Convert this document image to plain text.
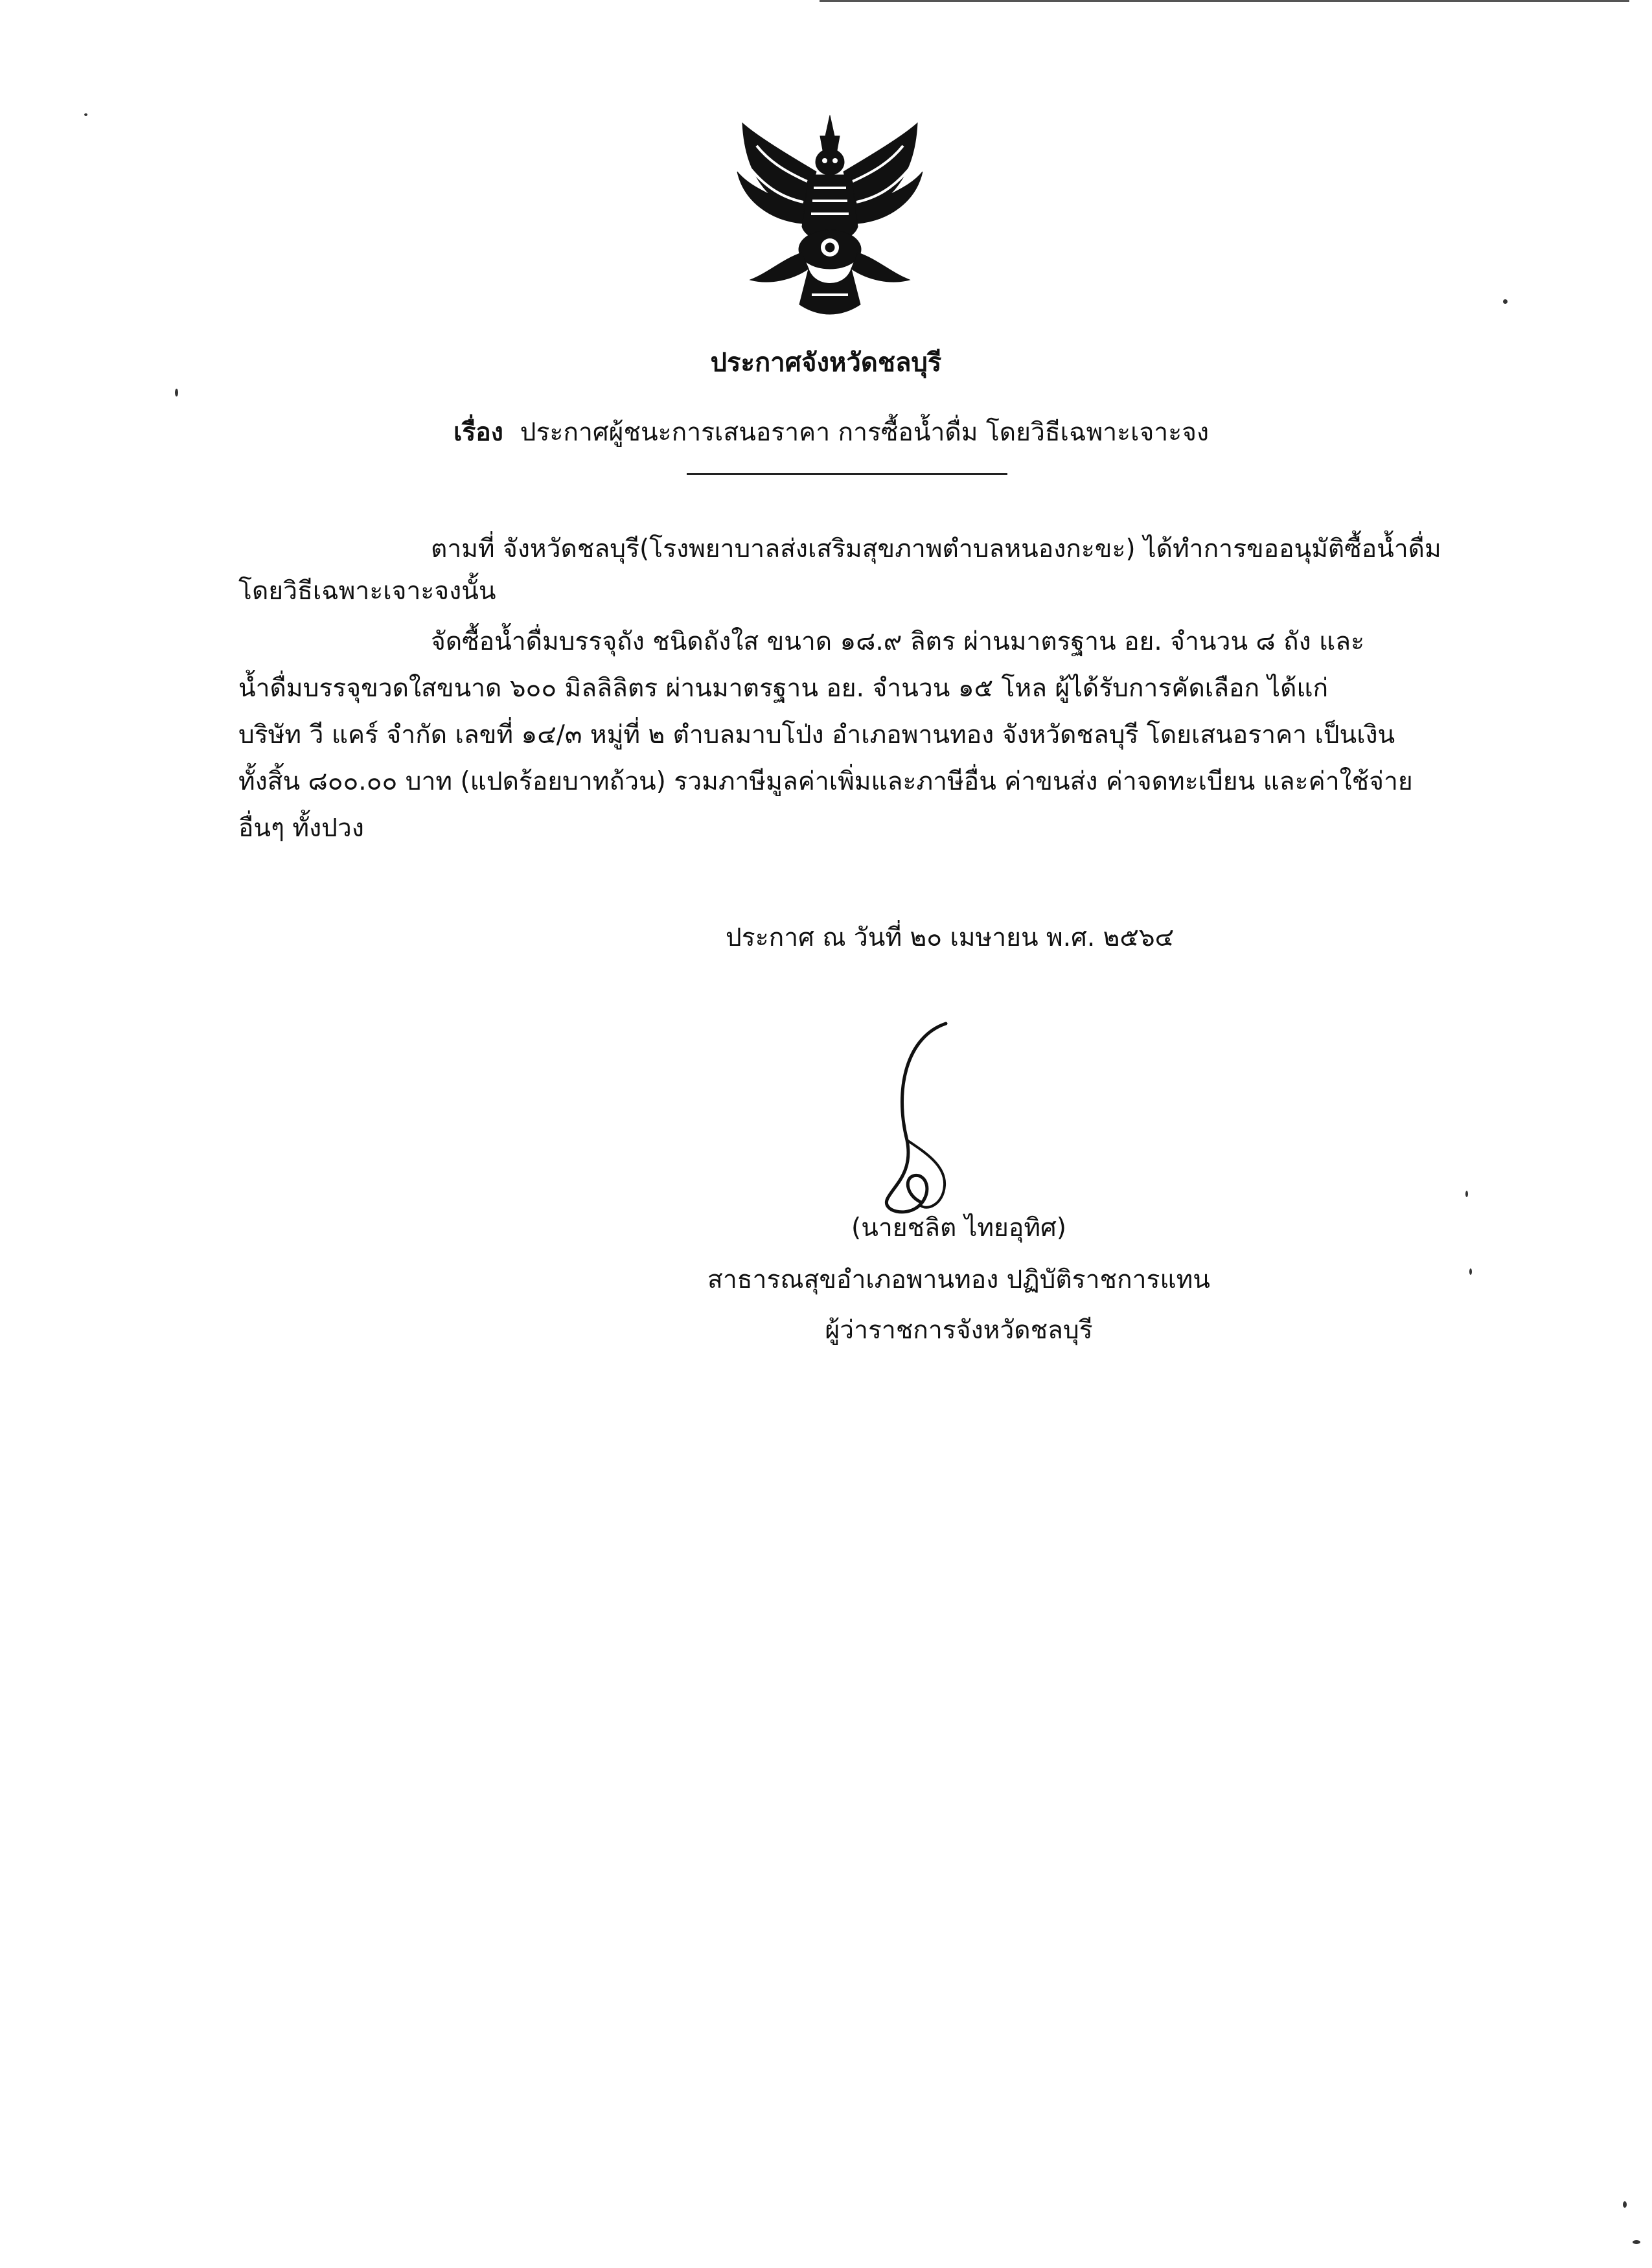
ประกาศจังหวัดชลบุรี
เรื่อง ประกาศผู้ชนะการเสนอราคา การซื้อน้ำดื่ม โดยวิธีเฉพาะเจาะจง
ตามที่ จังหวัดชลบุรี(โรงพยาบาลส่งเสริมสุขภาพตำบลหนองกะขะ) ได้ทำการขออนุมัติซื้อน้ำดื่ม
โดยวิธีเฉพาะเจาะจงนั้น
จัดซื้อน้ำดื่มบรรจุถัง ชนิดถังใส ขนาด ๑๘.๙ ลิตร ผ่านมาตรฐาน อย. จำนวน ๘ ถัง และ
น้ำดื่มบรรจุขวดใสขนาด ๖๐๐ มิลลิลิตร ผ่านมาตรฐาน อย. จำนวน ๑๕ โหล ผู้ได้รับการคัดเลือก ได้แก่
บริษัท วี แคร์ จำกัด เลขที่ ๑๔/๓ หมู่ที่ ๒ ตำบลมาบโป่ง อำเภอพานทอง จังหวัดชลบุรี โดยเสนอราคา เป็นเงิน
ทั้งสิ้น ๘๐๐.๐๐ บาท (แปดร้อยบาทถ้วน) รวมภาษีมูลค่าเพิ่มและภาษีอื่น ค่าขนส่ง ค่าจดทะเบียน และค่าใช้จ่าย
อื่นๆ ทั้งปวง
ประกาศ ณ วันที่ ๒๐ เมษายน พ.ศ. ๒๕๖๔
(นายชลิต ไทยอุทิศ)
สาธารณสุขอำเภอพานทอง ปฏิบัติราชการแทน
ผู้ว่าราชการจังหวัดชลบุรี
